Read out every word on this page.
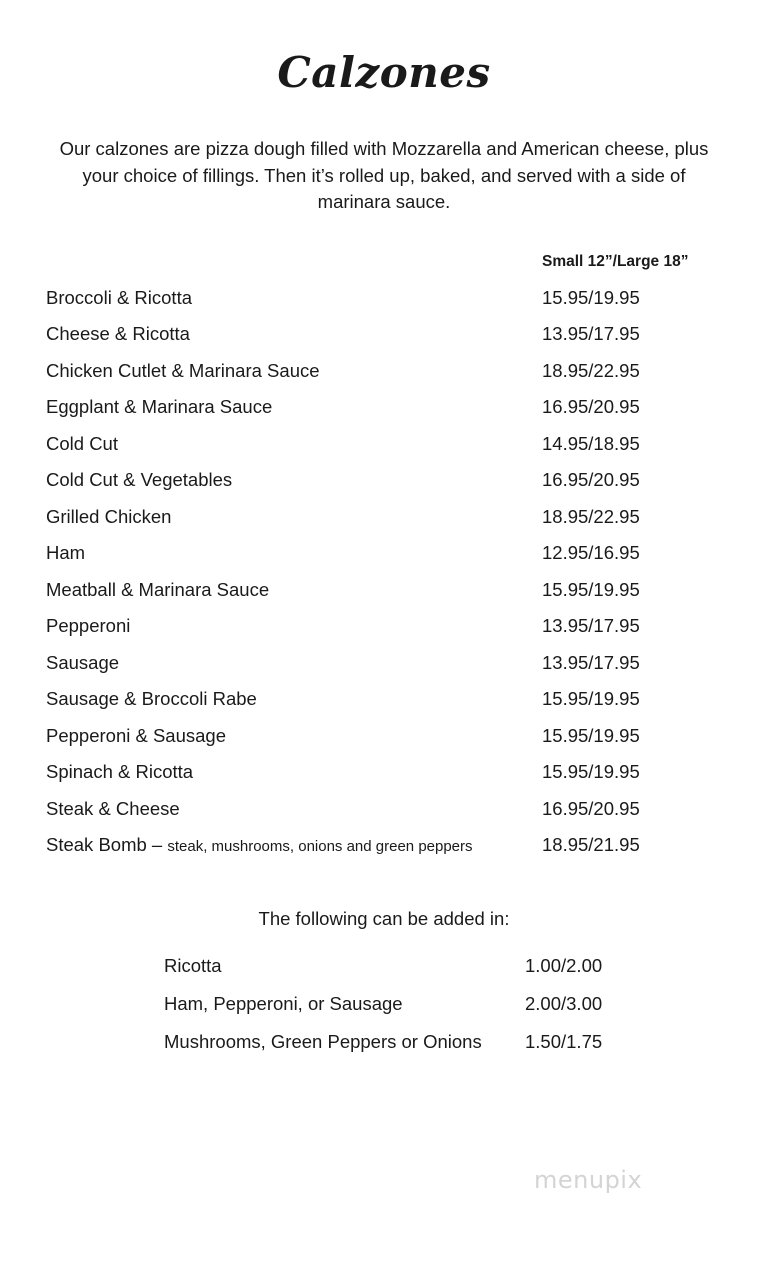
Calzones
Our calzones are pizza dough filled with Mozzarella and American cheese, plus your choice of fillings. Then it’s rolled up, baked, and served with a side of marinara sauce.
Small 12”/Large 18”
Broccoli & Ricotta	15.95/19.95
Cheese & Ricotta	13.95/17.95
Chicken Cutlet & Marinara Sauce	18.95/22.95
Eggplant & Marinara Sauce	16.95/20.95
Cold Cut	14.95/18.95
Cold Cut & Vegetables	16.95/20.95
Grilled Chicken	18.95/22.95
Ham	12.95/16.95
Meatball & Marinara Sauce	15.95/19.95
Pepperoni	13.95/17.95
Sausage	13.95/17.95
Sausage & Broccoli Rabe	15.95/19.95
Pepperoni & Sausage	15.95/19.95
Spinach & Ricotta	15.95/19.95
Steak & Cheese	16.95/20.95
Steak Bomb – steak, mushrooms, onions and green peppers	18.95/21.95
The following can be added in:
Ricotta	1.00/2.00
Ham, Pepperoni, or Sausage	2.00/3.00
Mushrooms, Green Peppers or Onions 1.50/1.75
menupix
